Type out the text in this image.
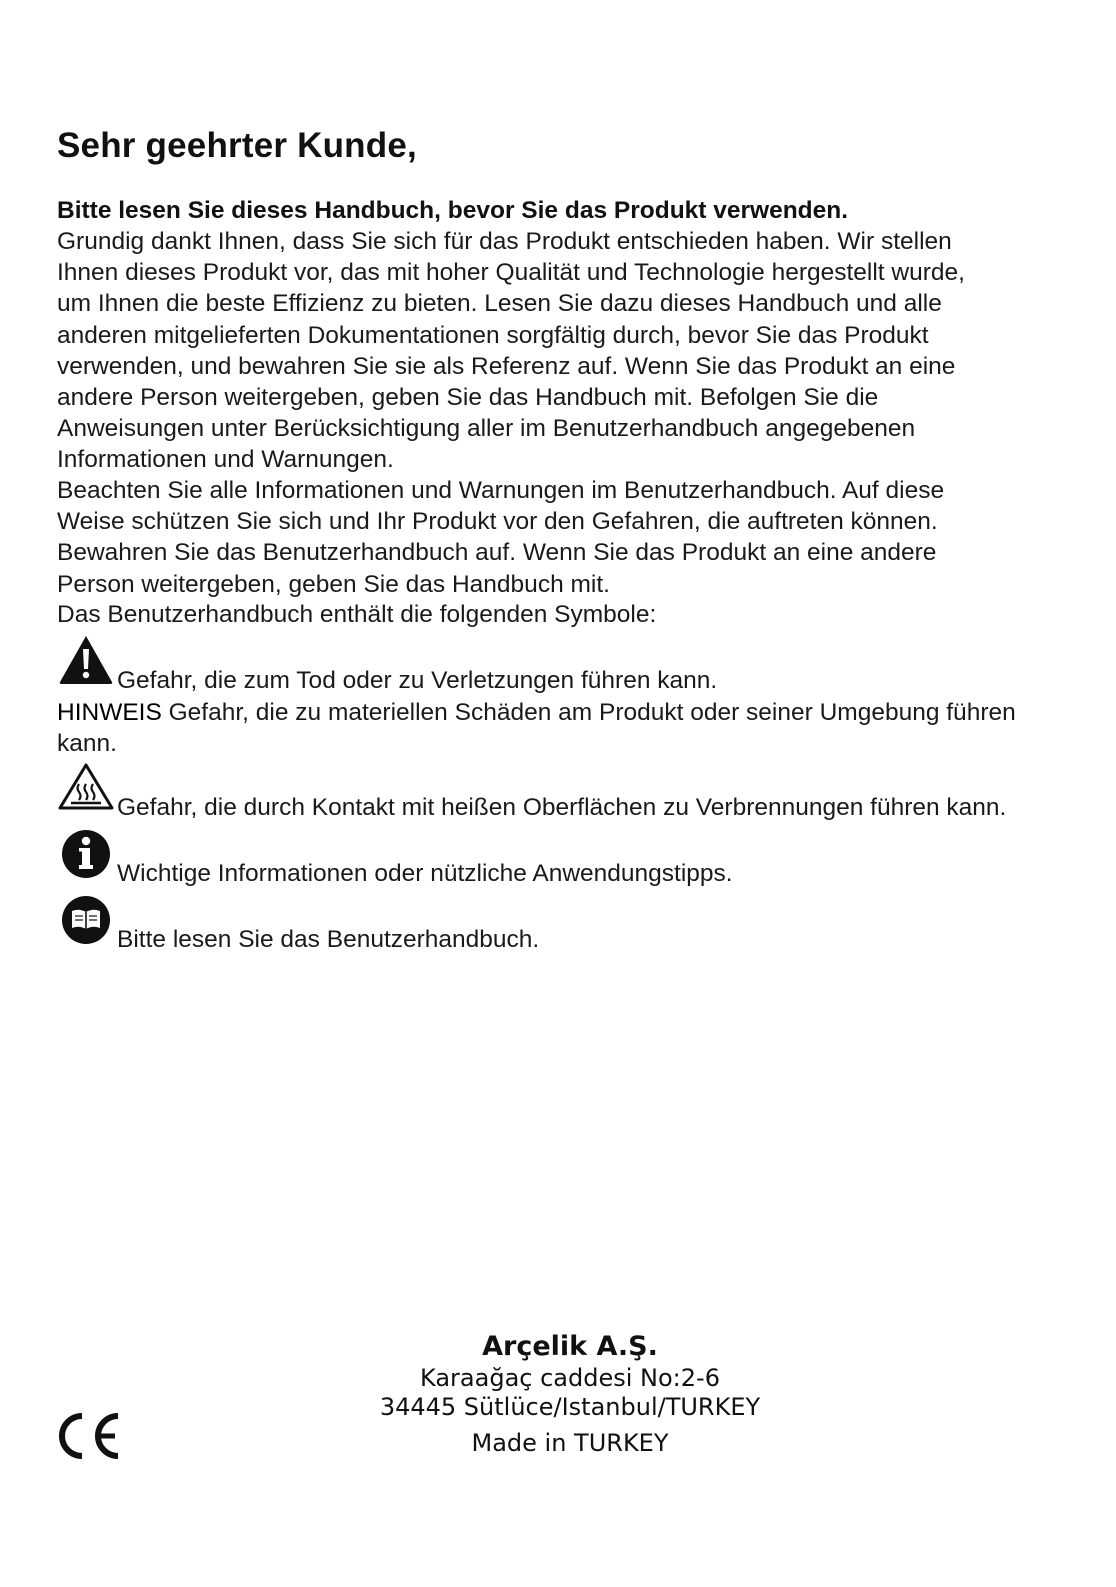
Sehr geehrter Kunde,
Bitte lesen Sie dieses Handbuch, bevor Sie das Produkt verwenden.
Grundig dankt Ihnen, dass Sie sich für das Produkt entschieden haben. Wir stellen
Ihnen dieses Produkt vor, das mit hoher Qualität und Technologie hergestellt wurde,
um Ihnen die beste Effizienz zu bieten. Lesen Sie dazu dieses Handbuch und alle
anderen mitgelieferten Dokumentationen sorgfältig durch, bevor Sie das Produkt
verwenden, und bewahren Sie sie als Referenz auf. Wenn Sie das Produkt an eine
andere Person weitergeben, geben Sie das Handbuch mit. Befolgen Sie die
Anweisungen unter Berücksichtigung aller im Benutzerhandbuch angegebenen
Informationen und Warnungen.
Beachten Sie alle Informationen und Warnungen im Benutzerhandbuch. Auf diese
Weise schützen Sie sich und Ihr Produkt vor den Gefahren, die auftreten können.
Bewahren Sie das Benutzerhandbuch auf. Wenn Sie das Produkt an eine andere
Person weitergeben, geben Sie das Handbuch mit.
Das Benutzerhandbuch enthält die folgenden Symbole:
Gefahr, die zum Tod oder zu Verletzungen führen kann.
HINWEIS Gefahr, die zu materiellen Schäden am Produkt oder seiner Umgebung führen kann.
Gefahr, die durch Kontakt mit heißen Oberflächen zu Verbrennungen führen kann.
Wichtige Informationen oder nützliche Anwendungstipps.
Bitte lesen Sie das Benutzerhandbuch.
Arçelik A.Ş.
Karaağaç caddesi No:2-6
34445 Sütlüce/Istanbul/TURKEY
Made in TURKEY
